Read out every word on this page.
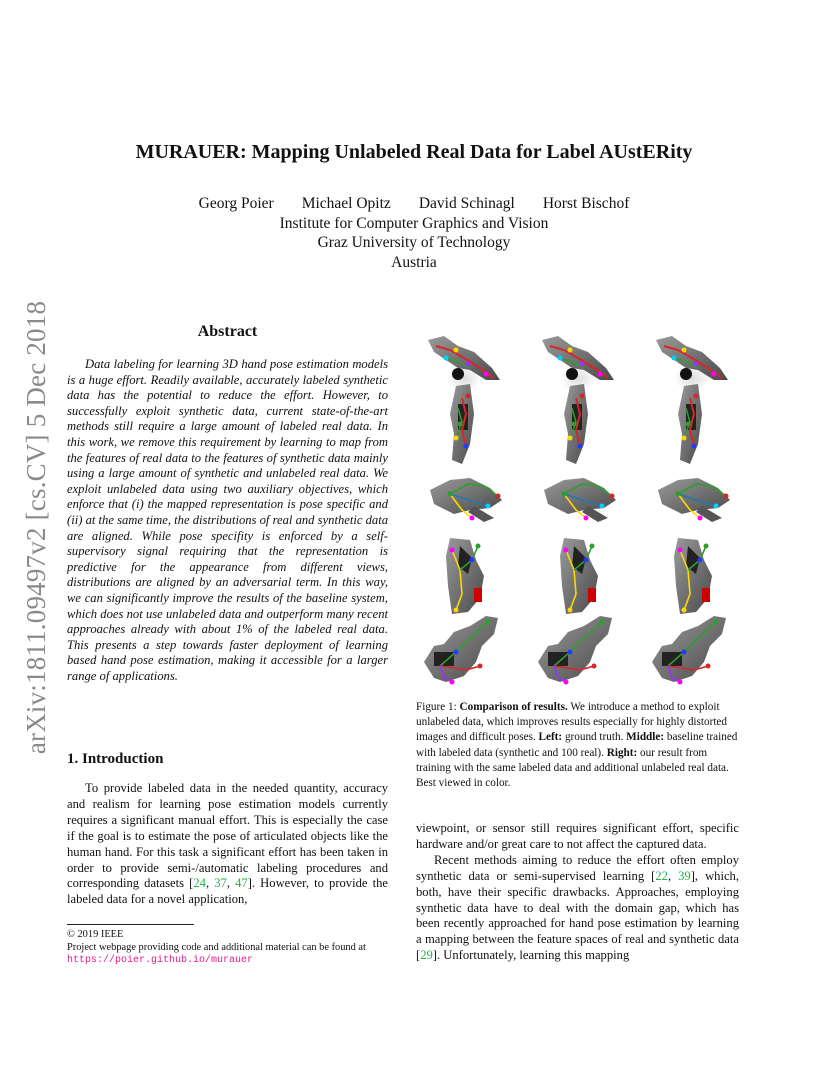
arXiv:1811.09497v2 [cs.CV] 5 Dec 2018
MURAUER: Mapping Unlabeled Real Data for Label AUstERity
Georg Poier Michael Opitz David Schinagl Horst Bischof
Institute for Computer Graphics and Vision
Graz University of Technology
Austria
Abstract

Data labeling for learning 3D hand pose estimation models is a huge effort. Readily available, accurately labeled synthetic data has the potential to reduce the effort. However, to successfully exploit synthetic data, current state-of-the-art methods still require a large amount of labeled real data. In this work, we remove this requirement by learning to map from the features of real data to the features of synthetic data mainly using a large amount of synthetic and unlabeled real data. We exploit unlabeled data using two auxiliary objectives, which enforce that (i) the mapped representation is pose specific and (ii) at the same time, the distributions of real and synthetic data are aligned. While pose specifity is enforced by a self-supervisory signal requiring that the representation is predictive for the appearance from different views, distributions are aligned by an adversarial term. In this way, we can significantly improve the results of the baseline system, which does not use unlabeled data and outperform many recent approaches already with about 1% of the labeled real data. This presents a step towards faster deployment of learning based hand pose estimation, making it accessible for a larger range of applications.

1. Introduction

To provide labeled data in the needed quantity, accuracy and realism for learning pose estimation models currently requires a significant manual effort. This is especially the case if the goal is to estimate the pose of articulated objects like the human hand. For this task a significant effort has been taken in order to provide semi-/automatic labeling procedures and corresponding datasets [24, 37, 47]. However, to provide the labeled data for a novel application,

© 2019 IEEE
Project webpage providing code and additional material can be found at
https://poier.github.io/murauer

Figure 1: Comparison of results. We introduce a method to exploit unlabeled data, which improves results especially for highly distorted images and difficult poses. Left: ground truth. Middle: baseline trained with labeled data (synthetic and 100 real). Right: our result from training with the same labeled data and additional unlabeled real data. Best viewed in color.

viewpoint, or sensor still requires significant effort, specific hardware and/or great care to not affect the captured data.

Recent methods aiming to reduce the effort often employ synthetic data or semi-supervised learning [22, 39], which, both, have their specific drawbacks. Approaches, employing synthetic data have to deal with the domain gap, which has been recently approached for hand pose estimation by learning a mapping between the feature spaces of real and synthetic data [29]. Unfortunately, learning this mapping
